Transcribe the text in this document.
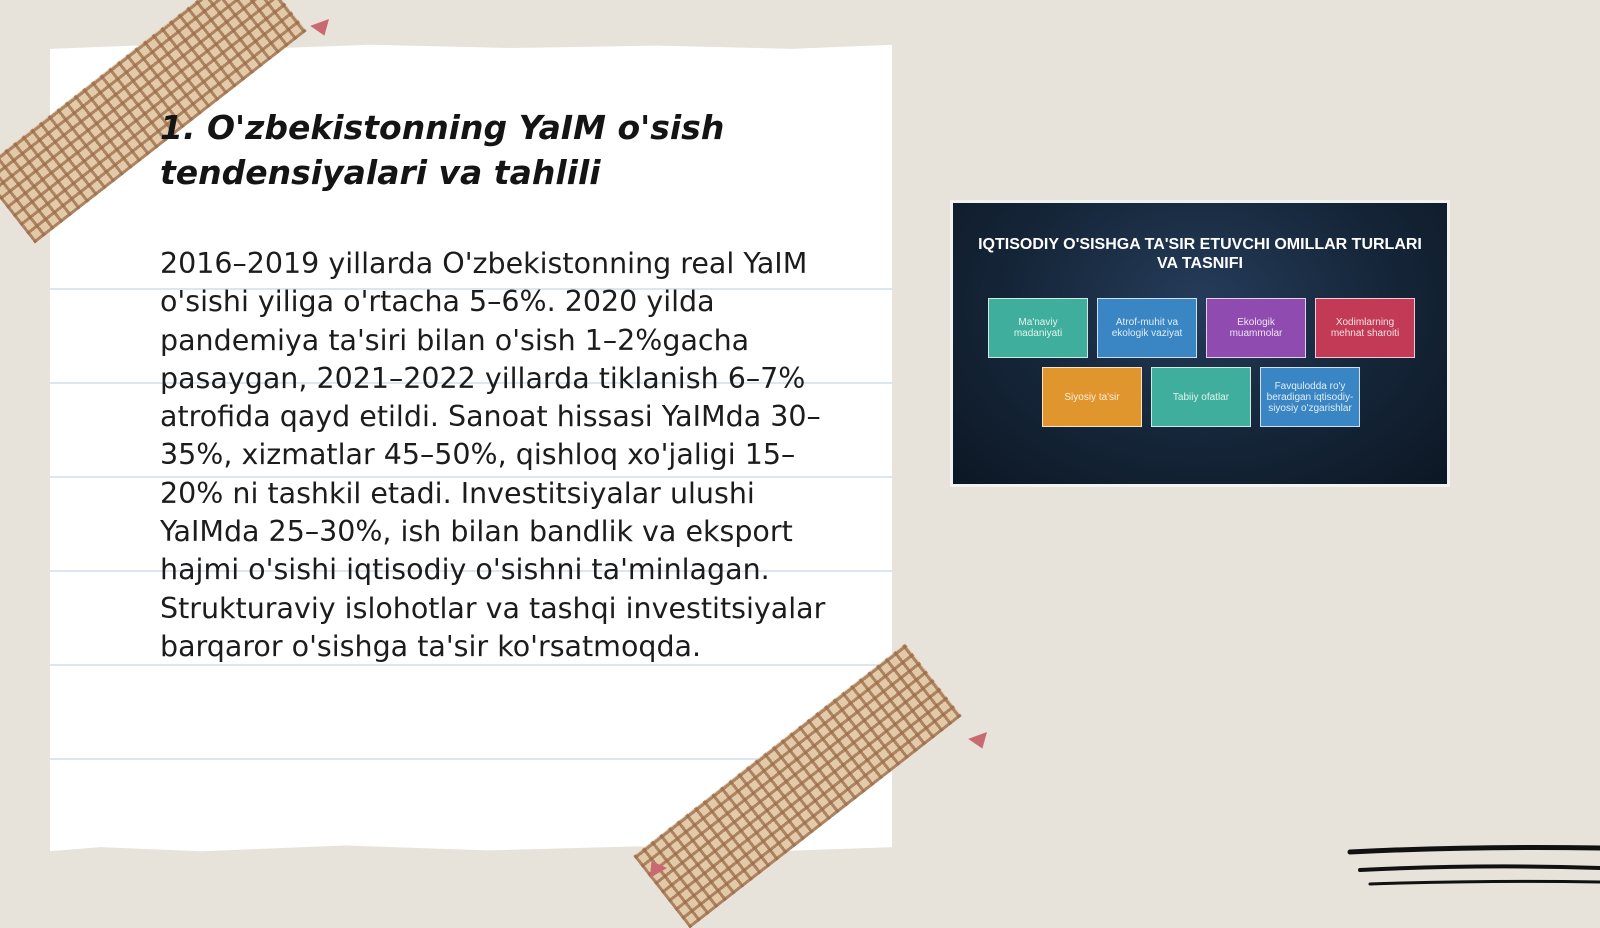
1. O'zbekistonning YaIM o'sish tendensiyalari va tahlili

2016–2019 yillarda O'zbekistonning real YaIM o'sishi yiliga o'rtacha 5–6%. 2020 yilda pandemiya ta'siri bilan o'sish 1–2%gacha pasaygan, 2021–2022 yillarda tiklanish 6–7% atrofida qayd etildi. Sanoat hissasi YaIMda 30–35%, xizmatlar 45–50%, qishloq xo'jaligi 15–20% ni tashkil etadi. Investitsiyalar ulushi YaIMda 25–30%, ish bilan bandlik va eksport hajmi o'sishi iqtisodiy o'sishni ta'minlagan. Strukturaviy islohotlar va tashqi investitsiyalar barqaror o'sishga ta'sir ko'rsatmoqda.

IQTISODIY O'SISHGA TA'SIR ETUVCHI OMILLAR TURLARI VA TASNIFI
Ma'naviy madaniyati
Atrof-muhit va ekologik vaziyat
Ekologik muammolar
Xodimlarning mehnat sharoiti
Siyosiy ta'sir	Tabiiy ofatlar
Favqulodda ro'y beradigan iqtisodiy-siyosiy o'zgarishlar
